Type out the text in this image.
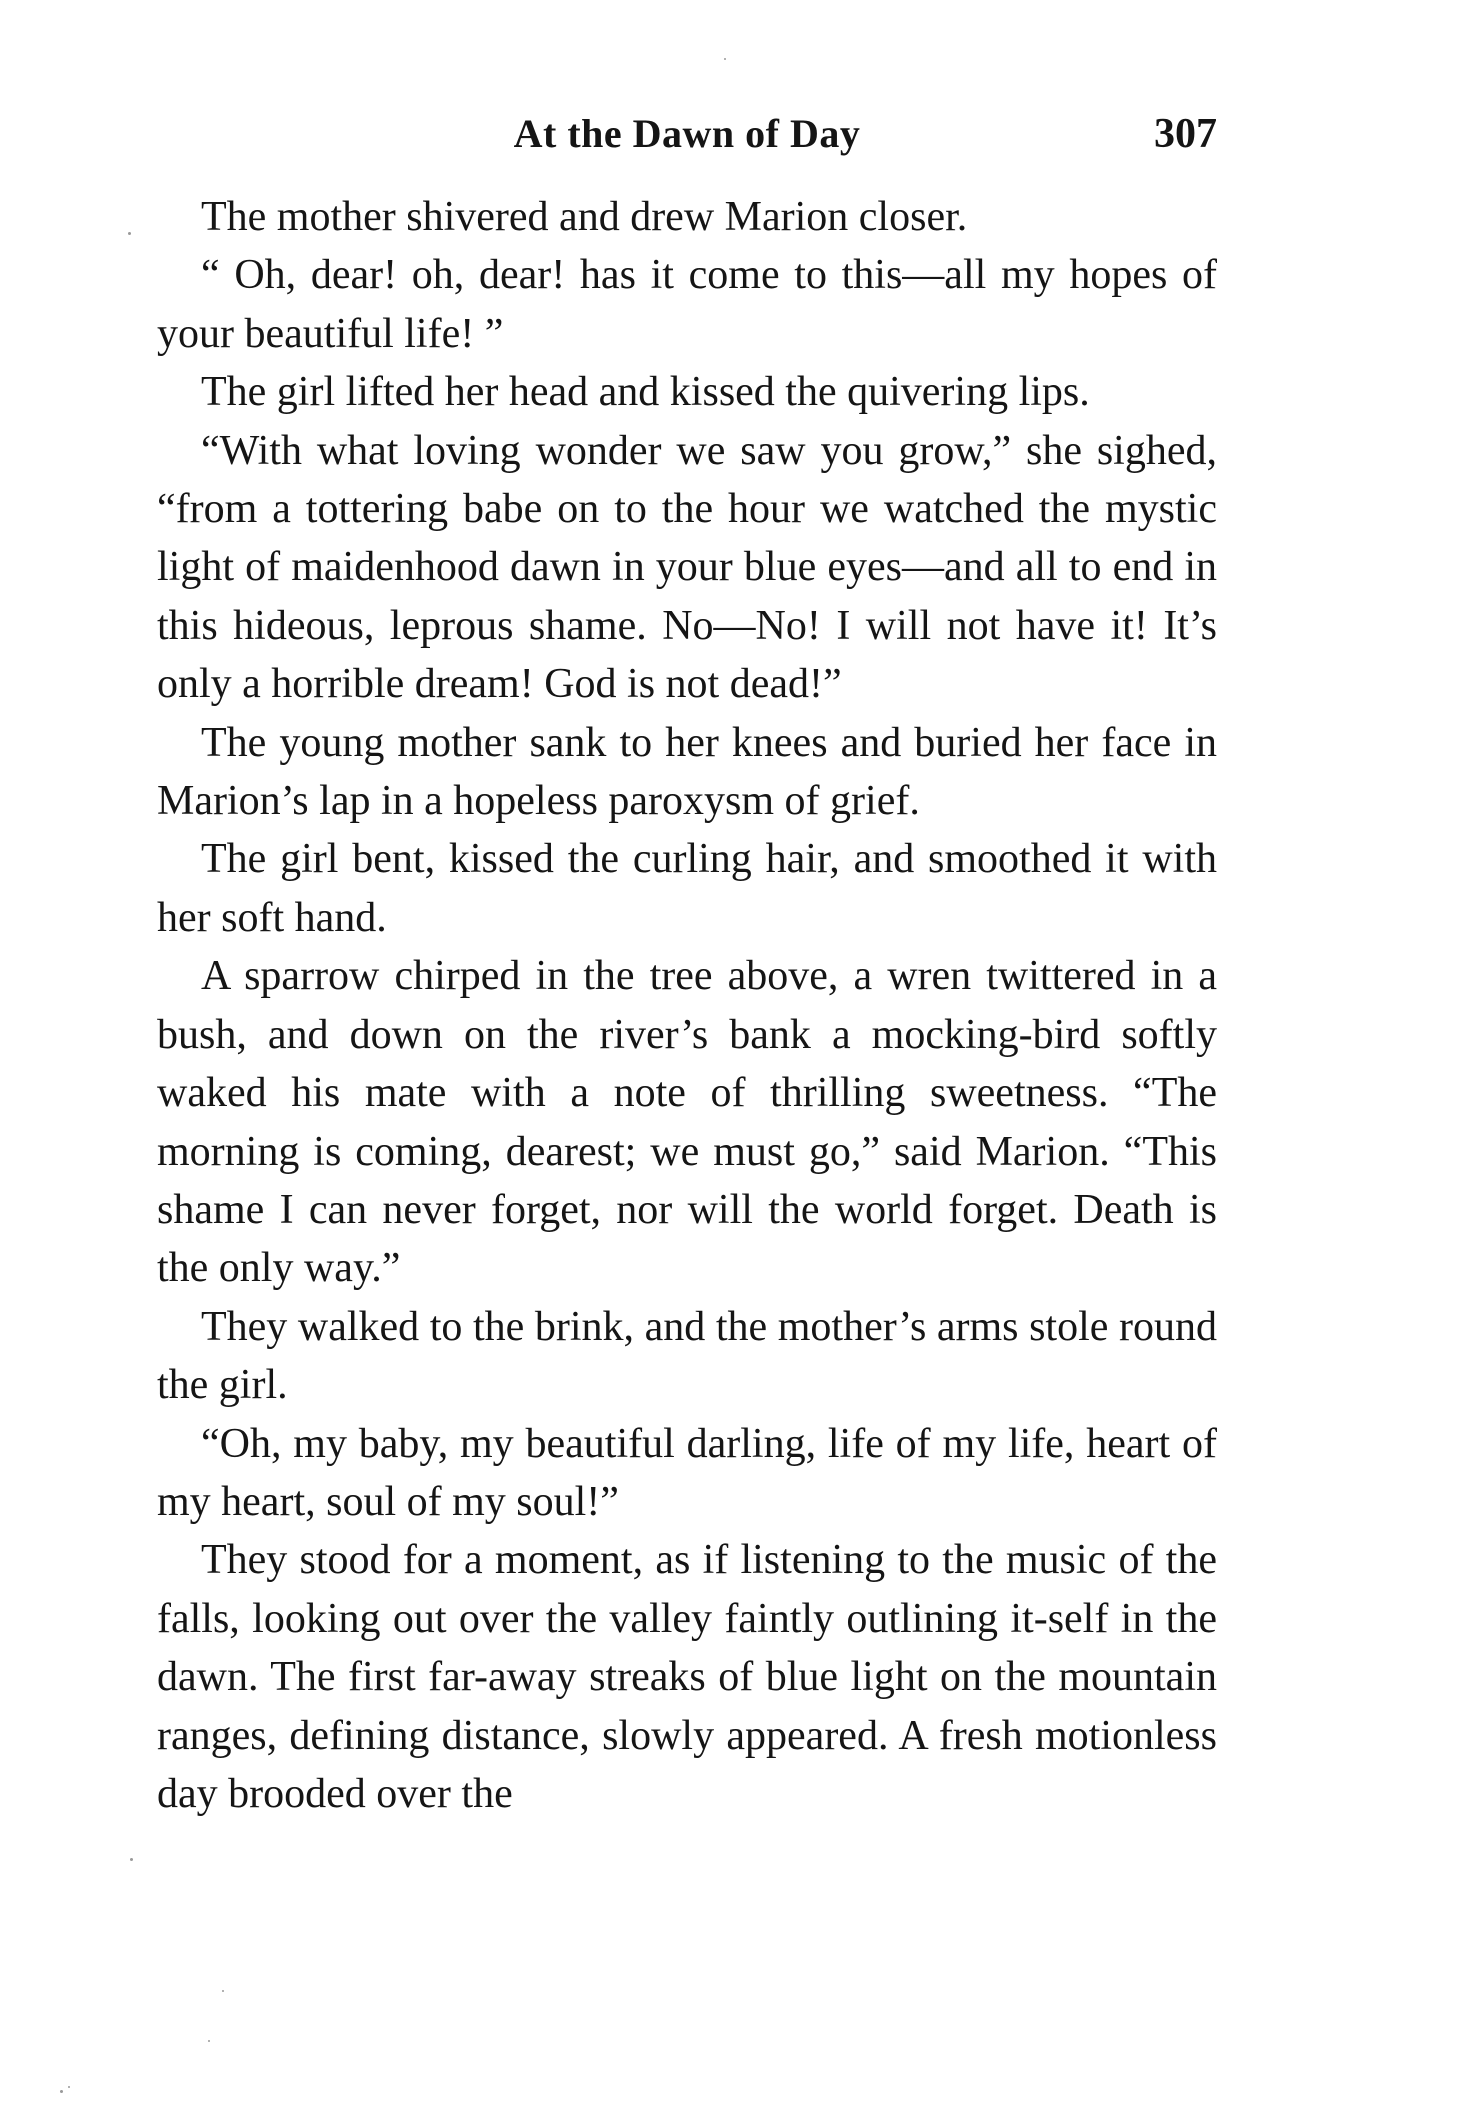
At the Dawn of Day	307

The mother shivered and drew Marion closer.

“ Oh, dear! oh, dear! has it come to this—all my hopes of your beautiful life! ”

The girl lifted her head and kissed the quivering lips.

“With what loving wonder we saw you grow,” she sighed, “from a tottering babe on to the hour we watched the mystic light of maidenhood dawn in your blue eyes—and all to end in this hideous, leprous shame. No—No! I will not have it! It’s only a horrible dream! God is not dead!”

The young mother sank to her knees and buried her face in Marion’s lap in a hopeless paroxysm of grief.

The girl bent, kissed the curling hair, and smoothed it with her soft hand.

A sparrow chirped in the tree above, a wren twittered in a bush, and down on the river’s bank a mocking-bird softly waked his mate with a note of thrilling sweetness. “The morning is coming, dearest; we must go,” said Marion. “This shame I can never forget, nor will the world forget. Death is the only way.”

They walked to the brink, and the mother’s arms stole round the girl.

“Oh, my baby, my beautiful darling, life of my life, heart of my heart, soul of my soul!”

They stood for a moment, as if listening to the music of the falls, looking out over the valley faintly outlining it-self in the dawn. The first far-away streaks of blue light on the mountain ranges, defining distance, slowly appeared. A fresh motionless day brooded over the
